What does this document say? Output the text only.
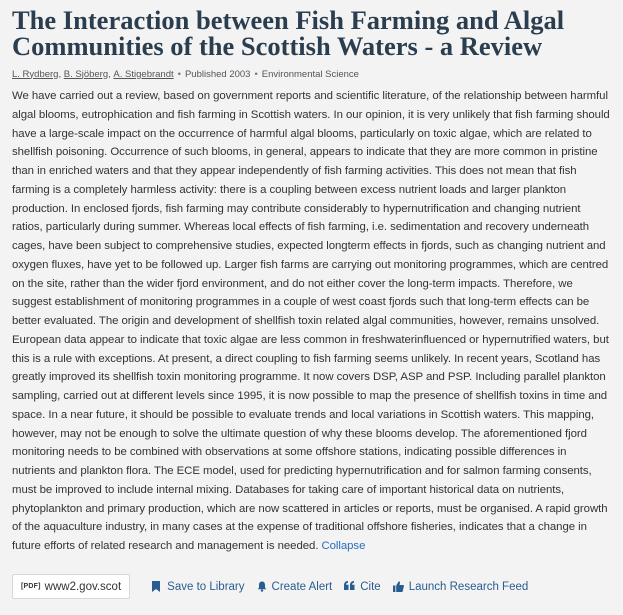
The Interaction between Fish Farming and Algal Communities of the Scottish Waters - a Review
L. Rydberg , B. Sjöberg , A. Stigebrandt • Published 2003 • Environmental Science

We have carried out a review, based on government reports and scientific literature, of the relationship between harmful algal blooms, eutrophication and fish farming in Scottish waters. In our opinion, it is very unlikely that fish farming should have a large-scale impact on the occurrence of harmful algal blooms, particularly on toxic algae, which are related to shellfish poisoning. Occurrence of such blooms, in general, appears to indicate that they are more common in pristine than in enriched waters and that they appear independently of fish farming activities. This does not mean that fish farming is a completely harmless activity: there is a coupling between excess nutrient loads and larger plankton production. In enclosed fjords, fish farming may contribute considerably to hypernutrification and changing nutrient ratios, particularly during summer. Whereas local effects of fish farming, i.e. sedimentation and recovery underneath cages, have been subject to comprehensive studies, expected longterm effects in fjords, such as changing nutrient and oxygen fluxes, have yet to be followed up. Larger fish farms are carrying out monitoring programmes, which are centred on the site, rather than the wider fjord environment, and do not either cover the long-term impacts. Therefore, we suggest establishment of monitoring programmes in a couple of west coast fjords such that long-term effects can be better evaluated. The origin and development of shellfish toxin related algal communities, however, remains unsolved. European data appear to indicate that toxic algae are less common in freshwaterinfluenced or hypernutrified waters, but this is a rule with exceptions. At present, a direct coupling to fish farming seems unlikely. In recent years, Scotland has greatly improved its shellfish toxin monitoring programme. It now covers DSP, ASP and PSP. Including parallel plankton sampling, carried out at different levels since 1995, it is now possible to map the presence of shellfish toxins in time and space. In a near future, it should be possible to evaluate trends and local variations in Scottish waters. This mapping, however, may not be enough to solve the ultimate question of why these blooms develop. The aforementioned fjord monitoring needs to be combined with observations at some offshore stations, indicating possible differences in nutrients and plankton flora. The ECE model, used for predicting hypernutrification and for salmon farming consents, must be improved to include internal mixing. Databases for taking care of important historical data on nutrients, phytoplankton and primary production, which are now scattered in articles or reports, must be organised. A rapid growth of the aquaculture industry, in many cases at the expense of traditional offshore fisheries, indicates that a change in future efforts of related research and management is needed. Collapse

[PDF] www2.gov.scot	Save to Library Create Alert Cite Launch Research Feed
